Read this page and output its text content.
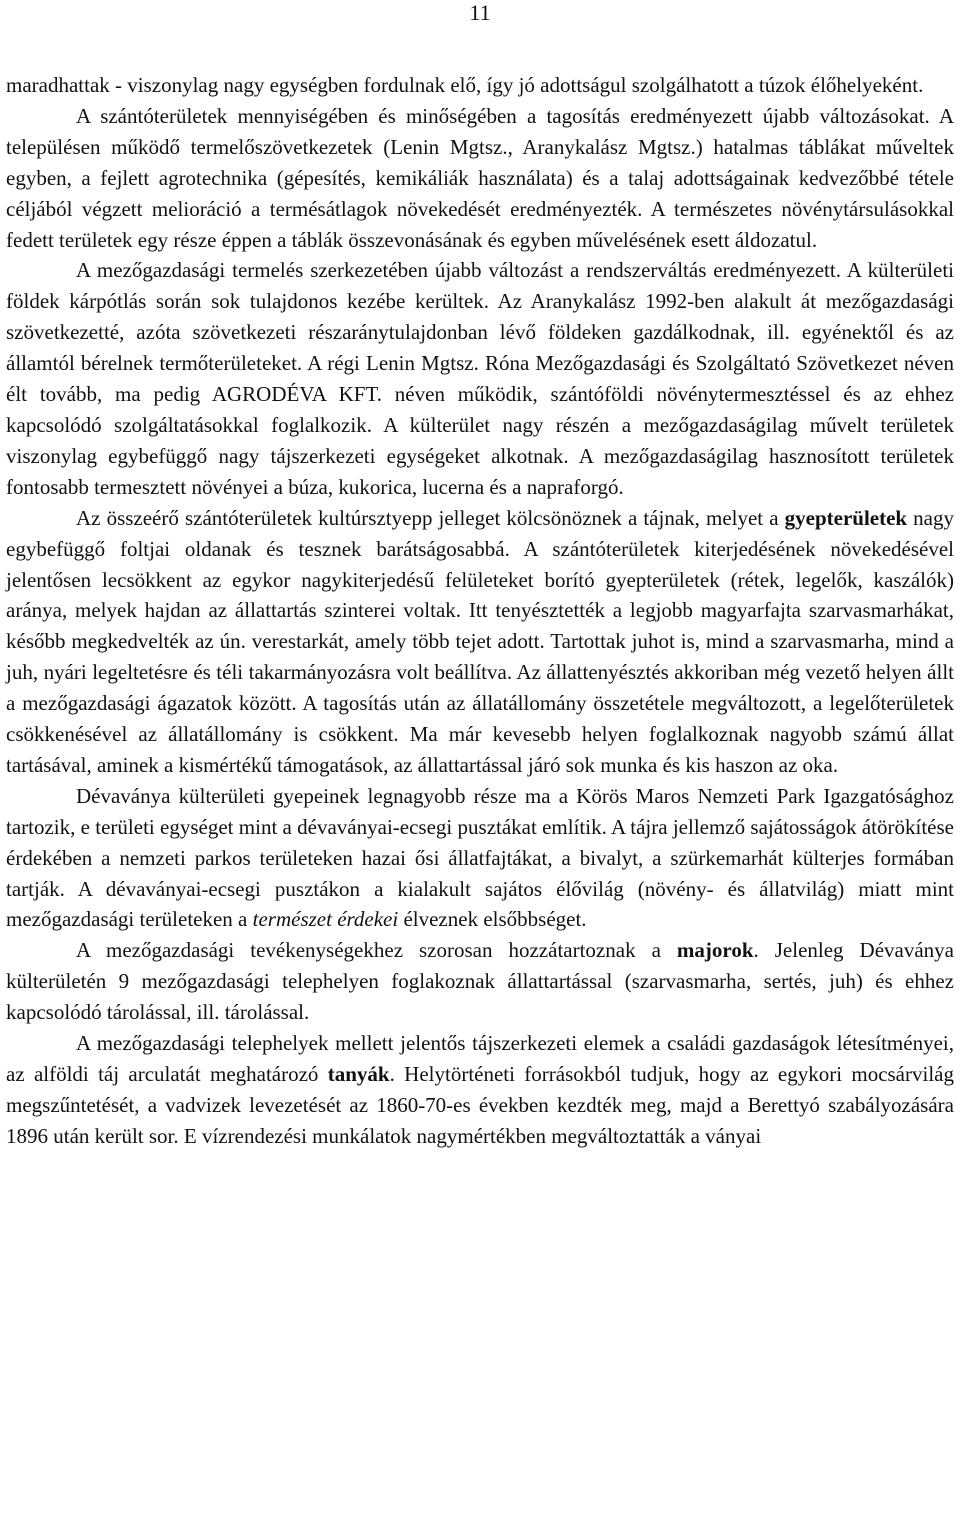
11

maradhattak - viszonylag nagy egységben fordulnak elő, így jó adottságul szolgálhatott a túzok élőhelyeként.

A szántóterületek mennyiségében és minőségében a tagosítás eredményezett újabb változásokat. A településen működő termelőszövetkezetek (Lenin Mgtsz., Aranykalász Mgtsz.) hatalmas táblákat műveltek egyben, a fejlett agrotechnika (gépesítés, kemikáliák használata) és a talaj adottságainak kedvezőbbé tétele céljából végzett melioráció a termésátlagok növekedését eredményezték. A természetes növénytársulásokkal fedett területek egy része éppen a táblák összevonásának és egyben művelésének esett áldozatul.

A mezőgazdasági termelés szerkezetében újabb változást a rendszerváltás eredményezett. A külterületi földek kárpótlás során sok tulajdonos kezébe kerültek. Az Aranykalász 1992-ben alakult át mezőgazdasági szövetkezetté, azóta szövetkezeti részaránytulajdonban lévő földeken gazdálkodnak, ill. egyénektől és az államtól bérelnek termőterületeket. A régi Lenin Mgtsz. Róna Mezőgazdasági és Szolgáltató Szövetkezet néven élt tovább, ma pedig AGRODÉVA KFT. néven működik, szántóföldi növénytermesztéssel és az ehhez kapcsolódó szolgáltatásokkal foglalkozik. A külterület nagy részén a mezőgazdaságilag művelt területek viszonylag egybefüggő nagy tájszerkezeti egységeket alkotnak. A mezőgazdaságilag hasznosított területek fontosabb termesztett növényei a búza, kukorica, lucerna és a napraforgó.

Az összeérő szántóterületek kultúrsztyepp jelleget kölcsönöznek a tájnak, melyet a gyepterületek nagy egybefüggő foltjai oldanak és tesznek barátságosabbá. A szántóterületek kiterjedésének növekedésével jelentősen lecsökkent az egykor nagykiterjedésű felületeket borító gyepterületek (rétek, legelők, kaszálók) aránya, melyek hajdan az állattartás szinterei voltak. Itt tenyésztették a legjobb magyarfajta szarvasmarhákat, később megkedvelték az ún. verestarkát, amely több tejet adott. Tartottak juhot is, mind a szarvasmarha, mind a juh, nyári legeltetésre és téli takarmányozásra volt beállítva. Az állattenyésztés akkoriban még vezető helyen állt a mezőgazdasági ágazatok között. A tagosítás után az állatállomány összetétele megváltozott, a legelőterületek csökkenésével az állatállomány is csökkent. Ma már kevesebb helyen foglalkoznak nagyobb számú állat tartásával, aminek a kismértékű támogatások, az állattartással járó sok munka és kis haszon az oka.

Dévaványa külterületi gyepeinek legnagyobb része ma a Körös Maros Nemzeti Park Igazgatósághoz tartozik, e területi egységet mint a dévaványai-ecsegi pusztákat említik. A tájra jellemző sajátosságok átörökítése érdekében a nemzeti parkos területeken hazai ősi állatfajtákat, a bivalyt, a szürkemarhát külterjes formában tartják. A dévaványai-ecsegi pusztákon a kialakult sajátos élővilág (növény- és állatvilág) miatt mint mezőgazdasági területeken a természet érdekei élveznek elsőbbséget.

A mezőgazdasági tevékenységekhez szorosan hozzátartoznak a majorok. Jelenleg Dévaványa külterületén 9 mezőgazdasági telephelyen foglakoznak állattartással (szarvasmarha, sertés, juh) és ehhez kapcsolódó tárolással, ill. tárolással.

A mezőgazdasági telephelyek mellett jelentős tájszerkezeti elemek a családi gazdaságok létesítményei, az alföldi táj arculatát meghatározó tanyák. Helytörténeti forrásokból tudjuk, hogy az egykori mocsárvilág megszűntetését, a vadvizek levezetését az 1860-70-es években kezdték meg, majd a Berettyó szabályozására 1896 után került sor. E vízrendezési munkálatok nagymértékben megváltoztatták a ványai
